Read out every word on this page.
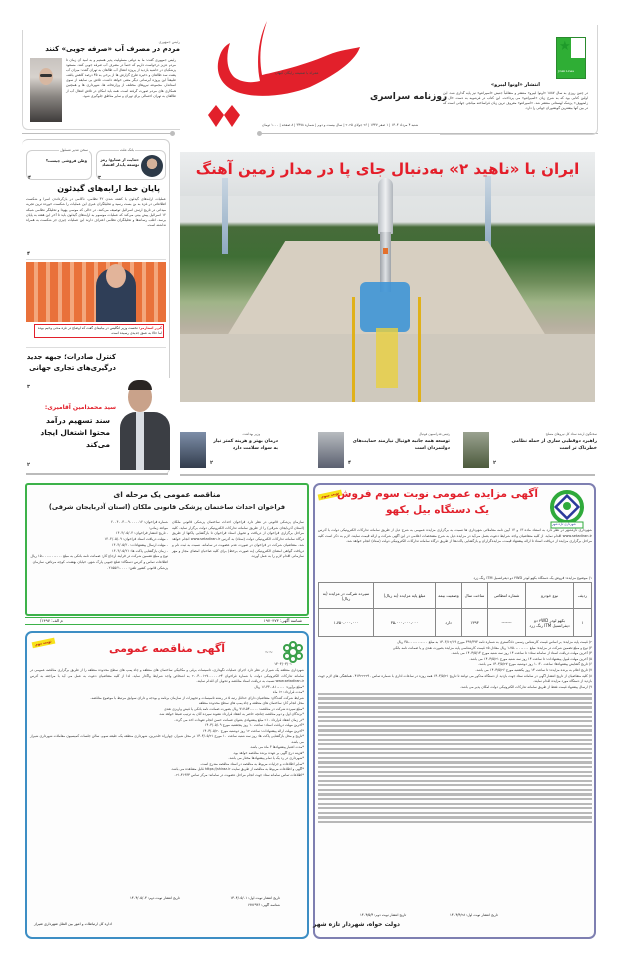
رئیس جمهوری
مردم در مصرف آب «صرفه جویی» کنند
رئیس جمهوری گفت: ما به دولتی مسئولیت پذیر هستیم و به امید آن زمان تا مردم عزیز درخواست داریم که حتماً در مصرف آب صرفه جویی کنند. مسعود پزشکیان در حاشیه بازدید از پروژه انتقال آب طالقان به تهران گفت: میزان آب پشت سد طالقان و ذخیره طرح گزارش ها از برخی به ۴۵ درصد کاهش یافته، طبیعتاً این پروژه آبرسانی دیگر معنی خواهد داشت. تلاش بی سابقه از سوی استاندار، مجموعه نیروهای مختلف از وزارتخانه ها، شهرداری ها و همچنین همکاری های مردم صورت گرفته است. همه باید امکان در تلاش انتقال آب از طالقان به تهران احتمالی برای تهران و سایر مناطق جلوگیری شود.
همراه با ضمیمه رایگان کیهان
روزنامه سراسری
شنبه ۴ مرداد ۱۴۰۴ | ۱ صفر ۱۴۴۷ | ۲۶ جولای ۲۰۲۵ | سال بیست و دوم | شماره ۳۴۷۸ | ۸ صفحه | ۱۰۰۰ تومان
★
Jinak Lines
انتشار «اونوا لیبرو»
در چنین روزی به سال ۱۸۸۷ «اونوا لیبرو» منتشر و متعاقباً جنبش «اسپرانتو» نیز پایه گذاری شد. این اولین کتابی بود که به شرح زبان «اسپرانتو» می پرداخت. این کتاب در فرشوبه به دست «ال ال زامنهوف» پزشک لهستانی منتشر شد. «اسپرانتو» معروف ترین زبان فراساخته میانجی جهانی است که در بین آنها بیشترین گویشوران جهانی را دارد.
بانک ملت
حمایت از صنایع؛ رمز توسعه پایدار اقتصاد
۳
سخن مدیر مسئول
وطن فروشی چیست؟
۴
پایان خط ارابه‌های گیدئون
عملیات ارابه‌های گیدئون با کشته شدن ۴۲ نظامی، ناکامی در بازگرداندن اسرا و شکست اطلاعاتی در غزه به بن بست رسید و تحلیلگران عبری این عملیات را شکست خورده ترین تجربه میدانی در تاریخ ارتش اسرائیل توصیف می‌کنند. در حالی که موسی یهودا و تحلیلگر نظامی شبکه ۱۲ اسرائیل پیش بینی می‌کند که عملیات موسوم به ارابه‌های گیدئون باید تا آخر این هفته به پایان برسد. اغلب رسانه‌ها و تحلیلگران نظامی اعتراف دارند این عملیات چیزی جز شکست به همراه نداشته است.
۴
کی‌ر استارمر: نخست وزیر انگلیس در بیانیه‌ای گفت که اوضاع در غزه مدتی وخیم بوده اما حالا به عمق جدیدی رسیده است.
کنترل صادرات؛ جبهه جدید درگیری‌های تجاری جهانی
۳
سید محمدامین آقامیری:
سند تسهیم درآمد محتوا اشتغال ایجاد می‌کند
۲
ایران با «ناهید ۲» به‌دنبال جای پا در مدار زمین آهنگ
سخنگوی ارشد ستاد کل نیروهای مسلح
راهبرد دوقطبی سازی از حمله نظامی خطرناک تر است
۲
رئیس فدراسیون فوتبال
توسعه همه جانبه فوتبال نیازمند حمایت‌های دولتمردان است
۴
وزیر بهداشت
درمان بهتر و هزینه کمتر نیاز به سواد سلامت دارد
۲
نوبت سوم
شهرداری تازه شهر
آگهی مزایده عمومی نوبت سوم فروش
یک دستگاه بیل بکهو
شهرداری تازه‌شهر در نظر دارد به استناد ماده ۱۳ و ۱۴ آیین نامه معاملاتی شهرداری ها نسبت به برگزاری مزایده عمومی به شرح ذیل از طریق سامانه تدارکات الکترونیکی دولت با آدرس www.setadiran.ir اقدام نماید. از کلیه متقاضیان واجد شرایط دعوت بعمل می‌آید در مزایده ذیل به شرح مشخصات اعلامی در این آگهی شرکت و ارائه قیمت نمایند. لازم به ذکر است کلیه مراحل برگزاری مزایده از دریافت اسناد تا ارائه پیشنهاد قیمت، مزایده‌گزاران و بازگشایی پاکت‌ها از طریق درگاه سامانه تدارکات الکترونیکی دولت (ستاد) انجام خواهد شد.
۱) موضوع مزایده: فروش یک دستگاه بکهو لودر ۴WD دو دیفرانسیل ITM رنگ زرد
ردیف	نوع خودرو	شماره انتظامی	ساخت سال	وضعیت بیمه	مبلغ پایه مزایده (به ریال)	سپرده شرکت در مزایده (به ریال)
۱	بکهو لودر ۴WD دو دیفرانسیل ITM رنگ زرد	-------	۱۳۹۳	دارد	۳۵،۰۰۰،۰۰۰،۰۰۰	۱،۷۵۰،۰۰۰،۰۰۰
۲) قیمت پایه مزایده: بر اساس قیمت کارشناس رسمی دادگستری به شماره نامه ۳۹۹/۳۹۳ مورخ ۱۴۰۳/۱۲/۱۹ به مبلغ ۳۵،۰۰۰،۰۰۰،۰۰۰ ریال
۳) نوع و مبلغ تضمین شرکت در مزایده: مبلغ ۱،۷۵۰،۰۰۰،۰۰۰ ریال معادل ۵٪ قیمت کارشناسی پایه مزایده بصورت نقدی و یا ضمانت نامه بانکی
۴) آخرین مهلت دریافت اسناد از سامانه ستاد: تا ساعت ۱۴ روز سه شنبه مورخ ۱۴۰۴/۵/۱۴ می باشد.
۵) آخرین مهلت قبول پیشنهادات: تا ساعت ۱۴ روز سه شنبه مورخ ۱۴۰۴/۵/۲۱ می باشد.
۶) تاریخ گشایش پیشنهادها: ساعت ۱۰:۳۰ روز دوشنبه مورخ ۱۴۰۴/۵/۲۷ می باشد.
۷) تاریخ اعلام به برنده مزایده: تا ساعت ۱۴ روز یکشنبه مورخ ۱۴۰۴/۵/۲۶ می باشد.
۸) کلیه متقاضیان از تاریخ انتشار آگهی در سامانه ستاد جهت بازدید از دستگاه مذکور می توانند تا تاریخ ۱۴۰۴/۵/۲۱ همه روزه در ساعات اداری با شماره تماس ۰۴۱۴۲۲۲۲۹۰ هماهنگی های لازم جهت بازدید از دستگاه مورد مزایده اقدام نمایند.
۹) ارسال پیشنهاد قیمت فقط از طریق سامانه تدارکات الکترونیکی دولت امکان پذیر می باشد.
تاریخ انتشار نوبت اول: ۱۴۰۴/۴/۲۸
تاریخ انتشار نوبت دوم: ۱۴۰۴/۵/۴
دولت خواه، شهردار تازه شهر
مناقصه عمومی یک مرحله ای
فراخوان احداث ساختمان پزشکی قانونی ملکان (استان آذربایجان شرقی)
سازمان پزشکی قانونی در نظر دارد فراخوان احداث ساختمان پزشکی قانونی ملکان (استان آذربایجان شرقی) را از طریق سامانه تدارکات الکترونیکی دولت برگزار نماید. کلیه مراحل برگزاری فراخوان از دریافت و تحویل اسناد فراخوان تا بازگشایی پاکتها از طریق درگاه سامانه تدارکات الکترونیکی دولت (ستاد) به آدرس www.setadiran.ir انجام خواهد شد. متقاضیان شرکت در فراخوان در صورت عدم عضویت در سامانه، نسبت به ثبت نام و دریافت گواهی امضای الکترونیکی (به صورت برخط) برای کلیه صاحبان امضای مجاز و مهر سازمانی اقدام لازم را به عمل آورند.
شماره فراخوان: ۲۰۰۴۰۰۳۰۰۹۰۰۰۰۰۱۲
مواعد زمانی:
- تاریخ انتشار فراخوان: ۱۴۰۴/۰۵/۰۴
- مهلت دریافت اسناد فراخوان: ۱۴۰۴/۰۵/۰۹
- مهلت ارسال پیشنهادات: ۱۴۰۴/۰۵/۲۰
- زمان بازگشایی پاکت ها: ۱۴۰۴/۰۵/۲۱
نوع و مبلغ تضمین شرکت در فرایند ارجاع کار: ضمانت نامه بانکی به مبلغ ۱۵،۰۰۰،۰۰۰،۰۰۰ ریال
اطلاعات تماس و آدرس دستگاه: ضلع جنوبی پارک شهر، خیابان بهشت، کوچه مرتاض، سازمان پزشکی قانونی کشور تلفن: ۰۲۱۵۵۶۱۰۰۰۰
شناسه آگهی: ۱۹۷۰۴۷۳
م الف: ۱۴۹۷/
نوبت دوم
~~
آگهی مناقصه عمومی
۱۴۰۴/۰۳/۰۱
شهرداری منطقه یک شیراز در نظر دارد اجرای عملیات نگهداری، تاسیسات برقی و مکانیکی ساختمان های منطقه و چاه پمپ های سطح محدوده منطقه را از طریق برگزاری مناقصه عمومی در سامانه تدارکات الکترونیکی دولت با شماره فراخوان ۲۰۰۴۰۰۱۲۷۰۰۰۰۰۰۲۴ به اشخاص واجد شرایط واگذار نماید. لذا از کلیه متقاضیان دعوت به عمل می آید با مراجعه به آدرس www.setadiran.ir نسبت به دریافت اسناد مناقصه و تحویل آن اقدام نمایند.
*مبلغ برآورد: ۱۶،۴۳۰،۸۱۰،۰۰۰ ریال
*مدت قرارداد: ۱۲ ماه
شرایط شرکت کنندگان: متقاضیان دارای حداقل رتبه ۵ در رشته تاسیسات و تجهیزات از سازمان برنامه و بودجه و دارای سوابق مرتبط با موضوع مناقصه.
محل انجام کار: ساختمان های منطقه و چاه پمپ های سطح محدوده منطقه
*مبلغ سپرده شرکت در مناقصه: ۷۱۷،۵۴۰،۰۰۰ ریال بصورت ضمانت نامه بانکی یا فیش واریزی نقدی
*برندگان اول و دوم مناقصه چنانچه حاضر به انعقاد قرارداد نشوند سپرده آنان به ترتیب ضبط خواهد شد.
*در زمان انعقاد قرارداد ۱۰٪ مبلغ پیشنهادی بعنوان ضمانت حسن انجام تعهدات اخذ می گردد.
*آخرین مهلت دریافت اسناد: ساعت ۱۰ روز پنجشنبه مورخ ۱۴۰۴/۰۵/۰۹
*آخرین مهلت ارائه پیشنهادات: ساعت ۱۲ روز دوشنبه مورخ ۱۴۰۴/۰۵/۲۰
*تاریخ و محل بازگشایی پاکت ها: روز سه شنبه ساعت ۱۰ مورخ ۱۴۰۴/۰۵/۲۱ در محل شیراز، چهارراه خلدبرین، شهرداری منطقه یک، طبقه سوم، سالن جلسات کمیسیون معاملات شهرداری شیراز می باشد.
*مدت اعتبار پیشنهادها ۳ ماه می باشد.
*هزینه درج آگهی بر عهده برنده مناقصه خواهد بود.
*شهرداری در رد یک یا تمام پیشنهادها مختار می باشد.
*سایر اطلاعات و جزئیات مربوط به مناقصه در اسناد مناقصه مندرج است.
*آگهی و اطلاعات مربوط به مناقصه از طریق سایت https://shiraz.ir قابل مشاهده می باشد.
*اطلاعات تماس سامانه ستاد جهت انجام مراحل عضویت در سامانه: مرکز تماس ۴۱۹۳۴-۰۲۱
تاریخ انتشار نوبت اول: ۱۴۰۴/۰۵/۰۱
تاریخ انتشار نوبت دوم: ۱۴۰۴/۰۵/۰۴
شناسه آگهی: ۱۹۷۶۹۳۶
اداره کل ارتباطات و امور بین الملل شهرداری شیراز
